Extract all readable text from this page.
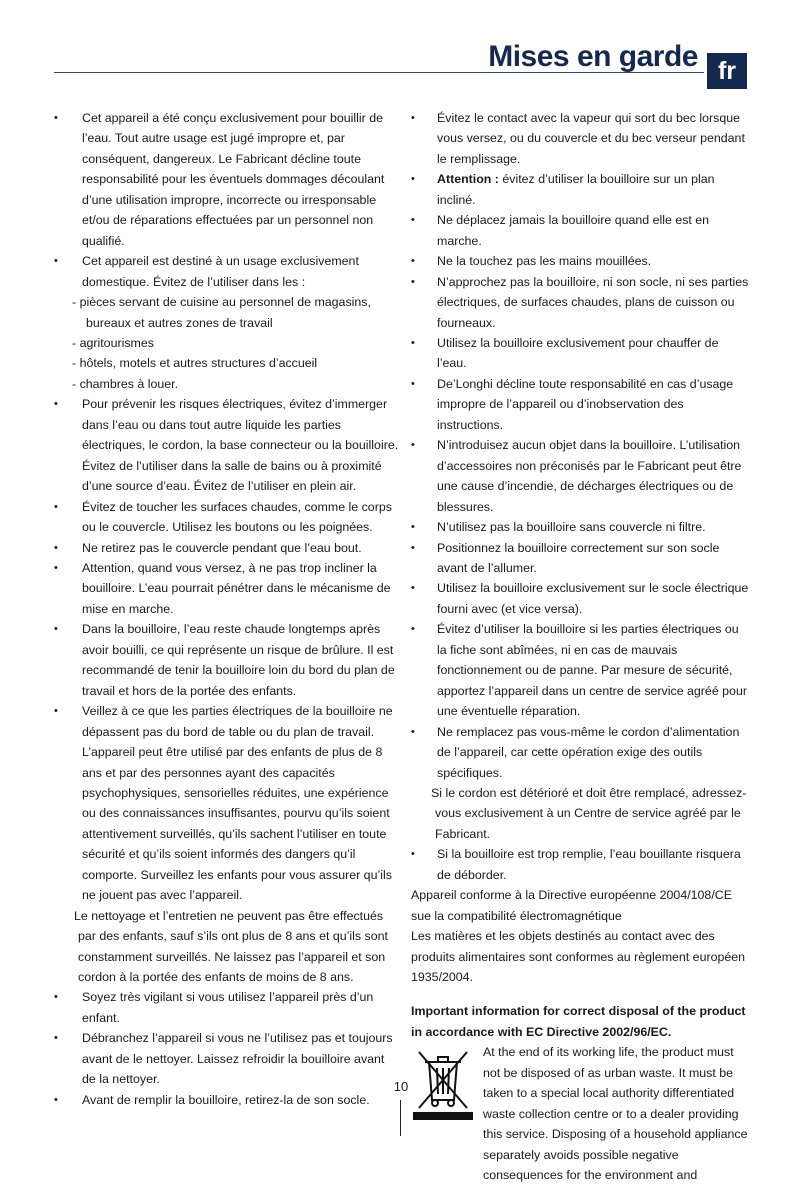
Mises en garde fr

• Cet appareil a été conçu exclusivement pour bouillir de l’eau. Tout autre usage est jugé impropre et, par conséquent, dangereux. Le Fabricant décline toute responsabilité pour les éventuels dommages découlant d’une utilisation impropre, incorrecte ou irresponsable et/ou de réparations effectuées par un personnel non qualifié.

• Cet appareil est destiné à un usage exclusivement domestique. Évitez de l’utiliser dans les :

- pièces servant de cuisine au personnel de magasins, bureaux et autres zones de travail

- agritourismes

- hôtels, motels et autres structures d’accueil

- chambres à louer.

• Pour prévenir les risques électriques, évitez d’immerger dans l’eau ou dans tout autre liquide les parties électriques, le cordon, la base connecteur ou la bouilloire. Évitez de l’utiliser dans la salle de bains ou à proximité d’une source d’eau. Évitez de l’utiliser en plein air.

• Évitez de toucher les surfaces chaudes, comme le corps ou le couvercle. Utilisez les boutons ou les poignées.

• Ne retirez pas le couvercle pendant que l’eau bout.

• Attention, quand vous versez, à ne pas trop incliner la bouilloire. L’eau pourrait pénétrer dans le mécanisme de mise en marche.

• Dans la bouilloire, l’eau reste chaude longtemps après avoir bouilli, ce qui représente un risque de brûlure. Il est recommandé de tenir la bouilloire loin du bord du plan de travail et hors de la portée des enfants.

• Veillez à ce que les parties électriques de la bouilloire ne dépassent pas du bord de table ou du plan de travail. L’appareil peut être utilisé par des enfants de plus de 8 ans et par des personnes ayant des capacités psychophysiques, sensorielles réduites, une expérience ou des connaissances insuffisantes, pourvu qu’ils soient attentivement surveillés, qu’ils sachent l’utiliser en toute sécurité et qu’ils soient informés des dangers qu’il comporte. Surveillez les enfants pour vous assurer qu’ils ne jouent pas avec l’appareil.

Le nettoyage et l’entretien ne peuvent pas être effectués par des enfants, sauf s’ils ont plus de 8 ans et qu’ils sont constamment surveillés. Ne laissez pas l’appareil et son cordon à la portée des enfants de moins de 8 ans.

• Soyez très vigilant si vous utilisez l’appareil près d’un enfant.

• Débranchez l’appareil si vous ne l’utilisez pas et toujours avant de le nettoyer. Laissez refroidir la bouilloire avant de la nettoyer.

• Avant de remplir la bouilloire, retirez-la de son socle.

• Évitez le contact avec la vapeur qui sort du bec lorsque vous versez, ou du couvercle et du bec verseur pendant le remplissage.

• Attention : évitez d’utiliser la bouilloire sur un plan incliné.

• Ne déplacez jamais la bouilloire quand elle est en marche.

• Ne la touchez pas les mains mouillées.

• N’approchez pas la bouilloire, ni son socle, ni ses parties électriques, de surfaces chaudes, plans de cuisson ou fourneaux.

• Utilisez la bouilloire exclusivement pour chauffer de l’eau.

• De’Longhi décline toute responsabilité en cas d’usage impropre de l’appareil ou d’inobservation des instructions.

• N’introduisez aucun objet dans la bouilloire. L’utilisation d’accessoires non préconisés par le Fabricant peut être une cause d’incendie, de décharges électriques ou de blessures.

• N’utilisez pas la bouilloire sans couvercle ni filtre.

• Positionnez la bouilloire correctement sur son socle avant de l’allumer.

• Utilisez la bouilloire exclusivement sur le socle électrique fourni avec (et vice versa).

• Évitez d’utiliser la bouilloire si les parties électriques ou la fiche sont abîmées, ni en cas de mauvais fonctionnement ou de panne. Par mesure de sécurité, apportez l’appareil dans un centre de service agréé pour une éventuelle réparation.

• Ne remplacez pas vous-même le cordon d’alimentation de l’appareil, car cette opération exige des outils spécifiques.

Si le cordon est détérioré et doit être remplacé, adressez-vous exclusivement à un Centre de service agréé par le Fabricant.

• Si la bouilloire est trop remplie, l’eau bouillante risquera de déborder.

Appareil conforme à la Directive européenne 2004/108/CE sue la compatibilité électromagnétique

Les matières et les objets destinés au contact avec des produits alimentaires sont conformes au règlement européen 1935/2004.

Important information for correct disposal of the product in accordance with EC Directive 2002/96/EC.

At the end of its working life, the product must not be disposed of as urban waste. It must be taken to a special local authority differentiated waste collection centre or to a dealer providing this service. Disposing of a household appliance separately avoids possible negative consequences for the environment and
10
